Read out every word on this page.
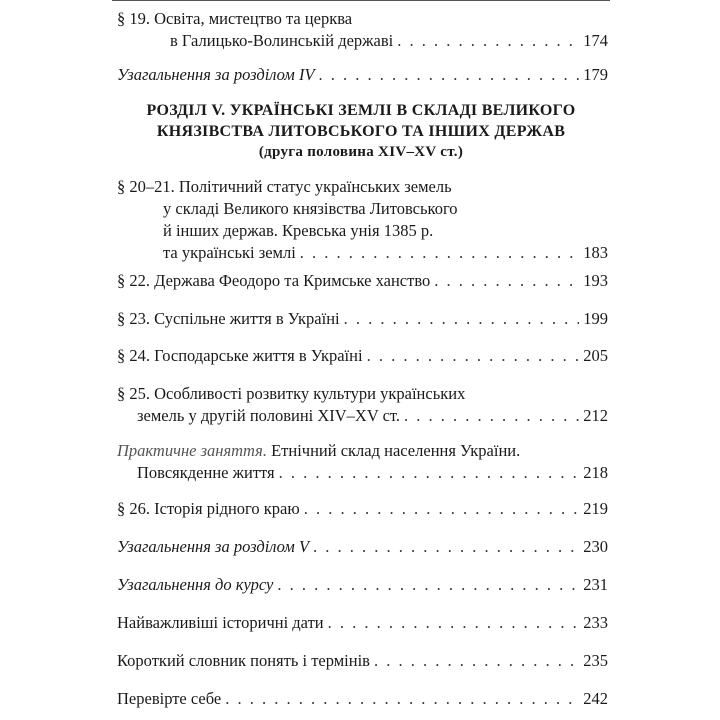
§ 19. Освіта, мистецтво та церква
в Галицько-Волинській державі . . .	174
Узагальнення за розділом IV . . .	179
РОЗДІЛ V. УКРАЇНСЬКІ ЗЕМЛІ В СКЛАДІ ВЕЛИКОГО
КНЯЗІВСТВА ЛИТОВСЬКОГО ТА ІНШИХ ДЕРЖАВ
(друга половина XIV–XV ст.)
§ 20–21. Політичний статус українських земель
у складі Великого князівства Литовського
й інших держав. Кревська унія 1385 р.
та українські землі . . .	183
§ 22. Держава Феодоро та Кримське ханство . . .	193
§ 23. Суспільне життя в Україні . . .	199
§ 24. Господарське життя в Україні . . .	205
§ 25. Особливості розвитку культури українських
земель у другій половині XIV–XV ст. . . .	212
Практичне заняття. Етнічний склад населення України.
Повсякденне життя . . .	218
§ 26. Історія рідного краю . . .	219
Узагальнення за розділом V . . .	230
Узагальнення до курсу . . .	231
Найважливіші історичні дати . . .	233
Короткий словник понять і термінів . . .	235
Перевірте себе . . .	242
